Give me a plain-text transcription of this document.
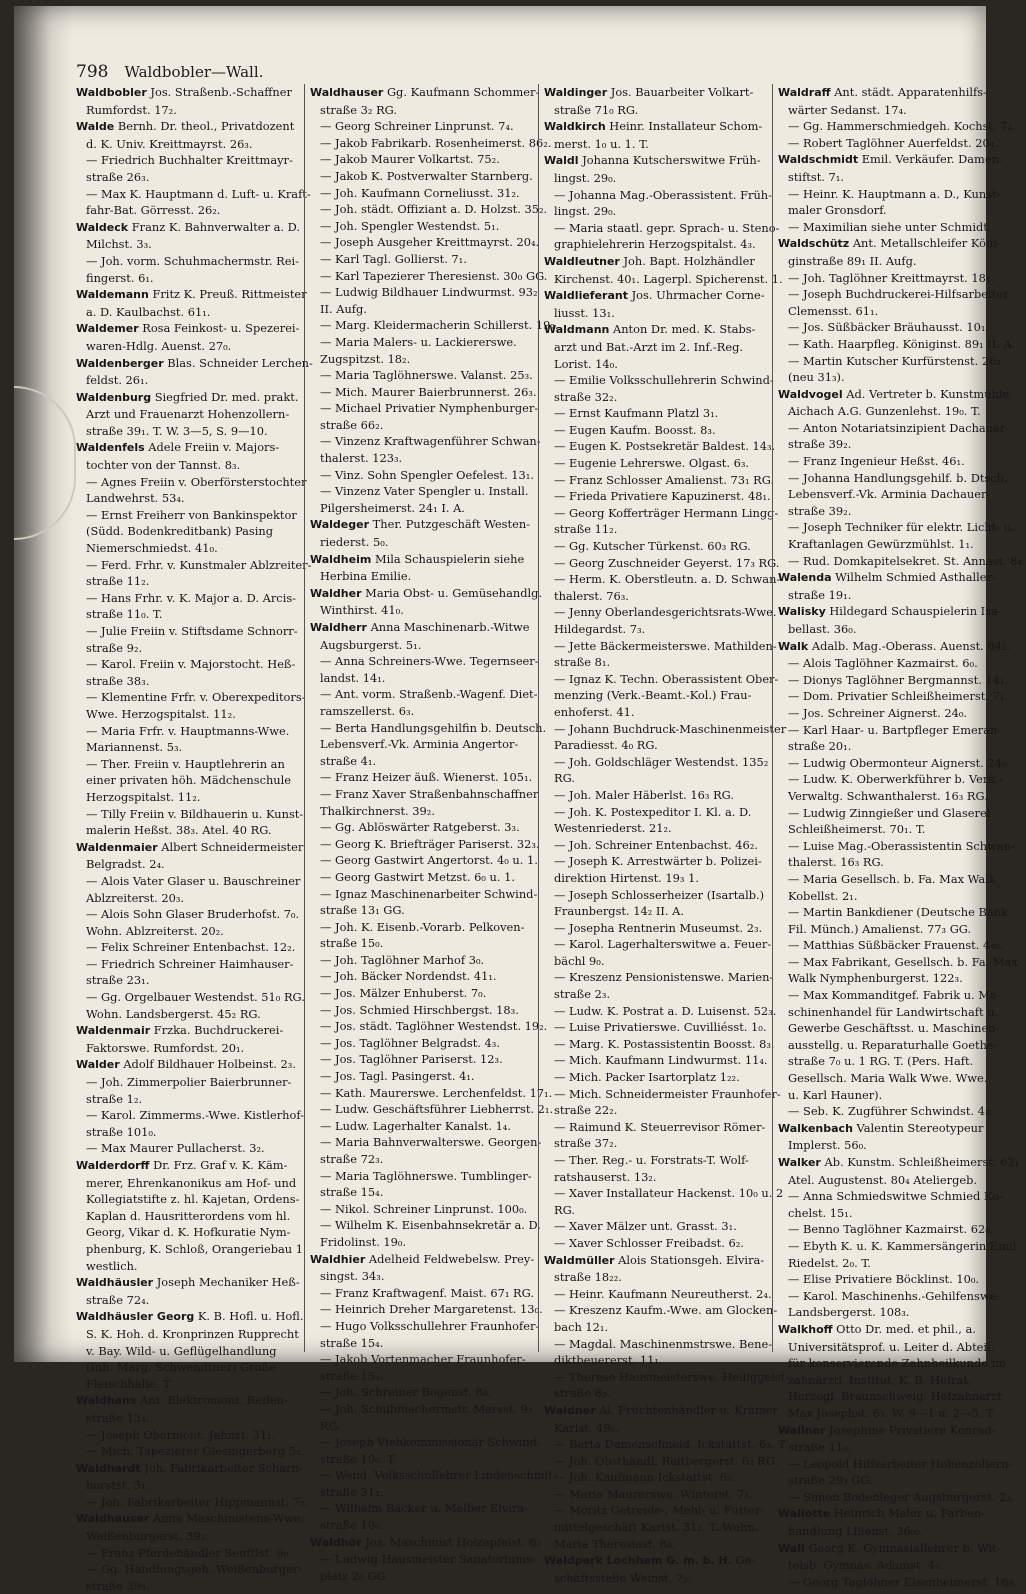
798 Waldbobler—Wall.
Waldbobler Jos. Straßenb.-Schaffner
Rumfordst. 17₂.
Walde Bernh. Dr. theol., Privatdozent
d. K. Univ. Kreittmayrst. 26₃.
— Friedrich Buchhalter Kreittmayr-
straße 26₃.
— Max K. Hauptmann d. Luft- u. Kraft-
fahr-Bat. Görresst. 26₂.
Waldeck Franz K. Bahnverwalter a. D.
Milchst. 3₃.
— Joh. vorm. Schuhmachermstr. Rei-
fingerst. 6₁.
Waldemann Fritz K. Preuß. Rittmeister
a. D. Kaulbachst. 61₁.
Waldemer Rosa Feinkost- u. Spezerei-
waren-Hdlg. Auenst. 27₀.
Waldenberger Blas. Schneider Lerchen-
feldst. 26₁.
Waldenburg Siegfried Dr. med. prakt.
Arzt und Frauenarzt Hohenzollern-
straße 39₁. T. W. 3—5, S. 9—10.
Waldenfels Adele Freiin v. Majors-
tochter von der Tannst. 8₃.
— Agnes Freiin v. Oberförsterstochter
Landwehrst. 53₄.
— Ernst Freiherr von Bankinspektor
(Südd. Bodenkreditbank) Pasing
Niemerschmiedst. 41₀.
— Ferd. Frhr. v. Kunstmaler Ablzreiter-
straße 11₂.
— Hans Frhr. v. K. Major a. D. Arcis-
straße 11₀. T.
— Julie Freiin v. Stiftsdame Schnorr-
straße 9₂.
— Karol. Freiin v. Majorstocht. Heß-
straße 38₃.
— Klementine Frfr. v. Oberexpeditors-
Wwe. Herzogspitalst. 11₂.
— Maria Frfr. v. Hauptmanns-Wwe.
Mariannenst. 5₃.
— Ther. Freiin v. Hauptlehrerin an
einer privaten höh. Mädchenschule
Herzogspitalst. 11₂.
— Tilly Freiin v. Bildhauerin u. Kunst-
malerin Heßst. 38₃. Atel. 40 RG.
Waldenmaier Albert Schneidermeister
Belgradst. 2₄.
— Alois Vater Glaser u. Bauschreiner
Ablzreiterst. 20₃.
— Alois Sohn Glaser Bruderhofst. 7₀.
Wohn. Ablzreiterst. 20₂.
— Felix Schreiner Entenbachst. 12₂.
— Friedrich Schreiner Haimhauser-
straße 23₁.
— Gg. Orgelbauer Westendst. 51₀ RG.
Wohn. Landsbergerst. 45₂ RG.
Waldenmair Frzka. Buchdruckerei-
Faktorswe. Rumfordst. 20₁.
Walder Adolf Bildhauer Holbeinst. 2₃.
— Joh. Zimmerpolier Baierbrunner-
straße 1₂.
— Karol. Zimmerms.-Wwe. Kistlerhof-
straße 101₀.
— Max Maurer Pullacherst. 3₂.
Walderdorff Dr. Frz. Graf v. K. Käm-
merer, Ehrenkanonikus am Hof- und
Kollegiatstifte z. hl. Kajetan, Ordens-
Kaplan d. Hausritterordens vom hl.
Georg, Vikar d. K. Hofkuratie Nym-
phenburg, K. Schloß, Orangeriebau 1
westlich.
Waldhäusler Joseph Mechaniker Heß-
straße 72₄.
Waldhäusler Georg K. B. Hofl. u. Hofl.
S. K. Hoh. d. Kronprinzen Rupprecht
v. Bay. Wild- u. Geflügelhandlung
(Inh. Marg. Schwendtner) Große
Fleischhalle. T.
Waldhans Ant. Elektromont. Reifen-
straße 13₄.
— Joseph Obermont. Jahnst. 31₁.
— Mich. Tapezierer Giesingerberg 5₃.
Waldhardt Joh. Fabrikarbeiter Scharn-
horstst. 3₁.
— Joh. Fabrikarbeiter Hippmannst. 7₂.
Waldhauser Anna Maschinistens-Wwe.
Weißenburgerst. 39₃.
— Franz Pferdehändler Senftlst. 9₀.
— Gg. Handlungsgeh. Weißenburger-
straße 39₃.
Waldhauser Gg. Kaufmann Schommer-
straße 3₂ RG.
— Georg Schreiner Linprunst. 7₄.
— Jakob Fabrikarb. Rosenheimerst. 86₂.
— Jakob Maurer Volkartst. 75₂.
— Jakob K. Postverwalter Starnberg.
— Joh. Kaufmann Corneliusst. 31₂.
— Joh. städt. Offiziant a. D. Holzst. 35₂.
— Joh. Spengler Westendst. 5₁.
— Joseph Ausgeher Kreittmayrst. 20₄.
— Karl Tagl. Gollierst. 7₁.
— Karl Tapezierer Theresienst. 30₀ GG.
— Ludwig Bildhauer Lindwurmst. 93₂
II. Aufg.
— Marg. Kleidermacherin Schillerst. 19₂.
— Maria Malers- u. Lackiererswe.
Zugspitzst. 18₂.
— Maria Taglöhnerswe. Valanst. 25₃.
— Mich. Maurer Baierbrunnerst. 26₃.
— Michael Privatier Nymphenburger-
straße 66₂.
— Vinzenz Kraftwagenführer Schwan-
thalerst. 123₃.
— Vinz. Sohn Spengler Oefelest. 13₁.
— Vinzenz Vater Spengler u. Install.
Pilgersheimerst. 24₁ I. A.
Waldeger Ther. Putzgeschäft Westen-
riederst. 5₀.
Waldheim Mila Schauspielerin siehe
Herbina Emilie.
Waldher Maria Obst- u. Gemüsehandlg.
Winthirst. 41₀.
Waldherr Anna Maschinenarb.-Witwe
Augsburgerst. 5₁.
— Anna Schreiners-Wwe. Tegernseer-
landst. 14₁.
— Ant. vorm. Straßenb.-Wagenf. Diet-
ramszellerst. 6₃.
— Berta Handlungsgehilfin b. Deutsch.
Lebensverf.-Vk. Arminia Angertor-
straße 4₁.
— Franz Heizer äuß. Wienerst. 105₁.
— Franz Xaver Straßenbahnschaffner
Thalkirchnerst. 39₂.
— Gg. Ablöswärter Ratgeberst. 3₃.
— Georg K. Briefträger Pariserst. 32₃.
— Georg Gastwirt Angertorst. 4₀ u. 1.
— Georg Gastwirt Metzst. 6₀ u. 1.
— Ignaz Maschinenarbeiter Schwind-
straße 13₁ GG.
— Joh. K. Eisenb.-Vorarb. Pelkoven-
straße 15₀.
— Joh. Taglöhner Marhof 3₀.
— Joh. Bäcker Nordendst. 41₁.
— Jos. Mälzer Enhuberst. 7₀.
— Jos. Schmied Hirschbergst. 18₃.
— Jos. städt. Taglöhner Westendst. 19₂.
— Jos. Taglöhner Belgradst. 4₃.
— Jos. Taglöhner Pariserst. 12₃.
— Jos. Tagl. Pasingerst. 4₁.
— Kath. Maurerswe. Lerchenfeldst. 17₁.
— Ludw. Geschäftsführer Liebherrst. 2₁.
— Ludw. Lagerhalter Kanalst. 1₄.
— Maria Bahnverwalterswe. Georgen-
straße 72₃.
— Maria Taglöhnerswe. Tumblinger-
straße 15₄.
— Nikol. Schreiner Linprunst. 100₀.
— Wilhelm K. Eisenbahnsekretär a. D.
Fridolinst. 19₀.
Waldhier Adelheid Feldwebelsw. Prey-
singst. 34₃.
— Franz Kraftwagenf. Maist. 67₁ RG.
— Heinrich Dreher Margaretenst. 13₀.
— Hugo Volksschullehrer Fraunhofer-
straße 15₄.
— Jakob Vortenmacher Fraunhofer-
straße 15₄.
— Joh. Schreiner Bogenst. 8₀.
— Joh. Schuhmachermstr. Marsst. 9₃
RG.
— Joseph Viehkommissionär Schwind-
straße 10₀. T.
— Wend. Volksschullehrer Lindenschmit-
straße 31₁.
— Wilhelm Bäcker u. Melber Elvira-
straße 10₀.
Waldhör Jos. Maschinist Holzapfelst. 6₂
— Ludwig Hausmeister Sanatoriums-
platz 2₀ GG.
Waldinger Jos. Bauarbeiter Volkart-
straße 71₀ RG.
Waldkirch Heinr. Installateur Schom-
merst. 1₀ u. 1. T.
Waldl Johanna Kutscherswitwe Früh-
lingst. 29₀.
— Johanna Mag.-Oberassistent. Früh-
lingst. 29₀.
— Maria staatl. gepr. Sprach- u. Steno-
graphielehrerin Herzogspitalst. 4₃.
Waldleutner Joh. Bapt. Holzhändler
Kirchenst. 40₁. Lagerpl. Spicherenst. 1.
Waldlieferant Jos. Uhrmacher Corne-
liusst. 13₁.
Waldmann Anton Dr. med. K. Stabs-
arzt und Bat.-Arzt im 2. Inf.-Reg.
Lorist. 14₀.
— Emilie Volksschullehrerin Schwind-
straße 32₂.
— Ernst Kaufmann Platzl 3₁.
— Eugen Kaufm. Boosst. 8₃.
— Eugen K. Postsekretär Baldest. 14₃.
— Eugenie Lehrerswe. Olgast. 6₃.
— Franz Schlosser Amalienst. 73₁ RG.
— Frieda Privatiere Kapuzinerst. 48₁.
— Georg Kofferträger Hermann Lingg-
straße 11₂.
— Gg. Kutscher Türkenst. 60₃ RG.
— Georg Zuschneider Geyerst. 17₃ RG.
— Herm. K. Oberstleutn. a. D. Schwan-
thalerst. 76₃.
— Jenny Oberlandesgerichtsrats-Wwe.
Hildegardst. 7₃.
— Jette Bäckermeisterswe. Mathilden-
straße 8₁.
— Ignaz K. Techn. Oberassistent Ober-
menzing (Verk.-Beamt.-Kol.) Frau-
enhoferst. 41.
— Johann Buchdruck-Maschinenmeister
Paradiesst. 4₀ RG.
— Joh. Goldschläger Westendst. 135₂
RG.
— Joh. Maler Häberlst. 16₃ RG.
— Joh. K. Postexpeditor I. Kl. a. D.
Westenriederst. 21₂.
— Joh. Schreiner Entenbachst. 46₂.
— Joseph K. Arrestwärter b. Polizei-
direktion Hirtenst. 19₃ 1.
— Joseph Schlosserheizer (Isartalb.)
Fraunbergst. 14₂ II. A.
— Josepha Rentnerin Museumst. 2₃.
— Karol. Lagerhalterswitwe a. Feuer-
bächl 9₀.
— Kreszenz Pensionistenswe. Marien-
straße 2₃.
— Ludw. K. Postrat a. D. Luisenst. 52₃.
— Luise Privatierswe. Cuvilliésst. 1₀.
— Marg. K. Postassistentin Boosst. 8₃.
— Mich. Kaufmann Lindwurmst. 11₄.
— Mich. Packer Isartorplatz 1₂₂.
— Mich. Schneidermeister Fraunhofer-
straße 22₂.
— Raimund K. Steuerrevisor Römer-
straße 37₂.
— Ther. Reg.- u. Forstrats-T. Wolf-
ratshauserst. 13₂.
— Xaver Installateur Hackenst. 10₀ u. 2
RG.
— Xaver Mälzer unt. Grasst. 3₁.
— Xaver Schlosser Freibadst. 6₂.
Waldmüller Alois Stationsgeh. Elvira-
straße 18₂₂.
— Heinr. Kaufmann Neureutherst. 2₄.
— Kreszenz Kaufm.-Wwe. am Glocken-
bach 12₁.
— Magdal. Maschinenmstrswe. Bene-
diktbeuererst. 11₁.
— Therese Hausmeisterswe. Heiliggeist-
straße 8₃.
Waldner Al. Früchtenhändler u. Krämer
Karlst. 49₀.
— Berta Damenschneid. Ickstattst. 6₃. T.
— Joh. Obsthändl. Reitbergerst. 6₂ RG.
— Joh. Kaufmann Ickstattst. 6₃.
— Maria Maurerswe. Winterst. 7₃.
— Moritz Getreide-, Mehl- u. Futter-
mittelgeschäft Karlst. 31₁. T. Wohn.
Maria Theresiast. 8₀.
Waldpark Lochham G. m. b. H. Ge-
schäftsstelle Weinst. 7₂.
Waldraff Ant. städt. Apparatenhilfs-
wärter Sedanst. 17₄.
— Gg. Hammerschmiedgeh. Kochst. 7₄.
— Robert Taglöhner Auerfeldst. 20₄.
Waldschmidt Emil. Verkäufer. Damen-
stiftst. 7₁.
— Heinr. K. Hauptmann a. D., Kunst-
maler Gronsdorf.
— Maximilian siehe unter Schmidt.
Waldschütz Ant. Metallschleifer Köni-
ginstraße 89₁ II. Aufg.
— Joh. Taglöhner Kreittmayrst. 18₁.
— Joseph Buchdruckerei-Hilfsarbeiter
Clemensst. 61₁.
— Jos. Süßbäcker Bräuhausst. 10₁.
— Kath. Haarpfleg. Königinst. 89₁ II. A.
— Martin Kutscher Kurfürstenst. 26₃
(neu 31₃).
Waldvogel Ad. Vertreter b. Kunstmühle
Aichach A.G. Gunzenlehst. 19₀. T.
— Anton Notariatsinzipient Dachauer-
straße 39₂.
— Franz Ingenieur Heßst. 46₁.
— Johanna Handlungsgehilf. b. Dtsch.
Lebensverf.-Vk. Arminia Dachauer-
straße 39₂.
— Joseph Techniker für elektr. Licht- u.
Kraftanlagen Gewürzmühlst. 1₁.
— Rud. Domkapitelsekret. St. Annast. 8₄.
Walenda Wilhelm Schmied Asthaller-
straße 19₁.
Walisky Hildegard Schauspielerin Isa-
bellast. 36₀.
Walk Adalb. Mag.-Oberass. Auenst. 84₂.
— Alois Taglöhner Kazmairst. 6₀.
— Dionys Taglöhner Bergmannst. 14₁.
— Dom. Privatier Schleißheimerst. 7₁.
— Jos. Schreiner Aignerst. 24₀.
— Karl Haar- u. Bartpfleger Emeran-
straße 20₁.
— Ludwig Obermonteur Aignerst. 24₀.
— Ludw. K. Oberwerkführer b. Verk.-
Verwaltg. Schwanthalerst. 16₃ RG.
— Ludwig Zinngießer und Glaserei
Schleißheimerst. 70₁. T.
— Luise Mag.-Oberassistentin Schwan-
thalerst. 16₃ RG.
— Maria Gesellsch. b. Fa. Max Walk
Kobellst. 2₁.
— Martin Bankdiener (Deutsche Bank
Fil. Münch.) Amalienst. 77₃ GG.
— Matthias Süßbäcker Frauenst. 4₄₀.
— Max Fabrikant, Gesellsch. b. Fa. Max
Walk Nymphenburgerst. 122₃.
— Max Kommanditgef. Fabrik u. Ma-
schinenhandel für Landwirtschaft u.
Gewerbe Geschäftsst. u. Maschinen-
ausstellg. u. Reparaturhalle Goethe-
straße 7₀ u. 1 RG. T. (Pers. Haft.
Gesellsch. Maria Walk Wwe. Wwe.
u. Karl Hauner).
— Seb. K. Zugführer Schwindst. 4₃.
Walkenbach Valentin Stereotypeur
Implerst. 56₀.
Walker Ab. Kunstm. Schleißheimerst. 62₁
Atel. Augustenst. 80₄ Ateliergeb.
— Anna Schmiedswitwe Schmied Ko-
chelst. 15₁.
— Benno Taglöhner Kazmairst. 62₀.
— Ebyth K. u. K. Kammersängerin Emil
Riedelst. 2₀. T.
— Elise Privatiere Böcklinst. 10₀.
— Karol. Maschinenhs.-Gehilfenswe.
Landsbergerst. 108₃.
Walkhoff Otto Dr. med. et phil., a.
Universitätsprof. u. Leiter d. Abteil.
für konservierende Zahnheilkunde im
zahnärztl. Institut, K. B. Hofrat,
Herzogl. Braunschweig. Hofzahnarzt
Max Josephst. 6₃, W. 9—1 u. 2—5. T.
Wallner Josephine Privatiere Konrad-
straße 11₀.
— Leopold Hilfsarbeiter Hohenzollern-
straße 29₃ GG.
— Simon Bodenleger Augsburgerst. 2₃.
Wallotte Heinrich Maler u. Farben-
handlung Lilienst. 36₀₀.
Wall Georg K. Gymnasiallehrer b. Wit-
telsb. Gymnas. Adamst. 4₃.
— Georg Taglöhner Elsenheimerst. 16₀.
